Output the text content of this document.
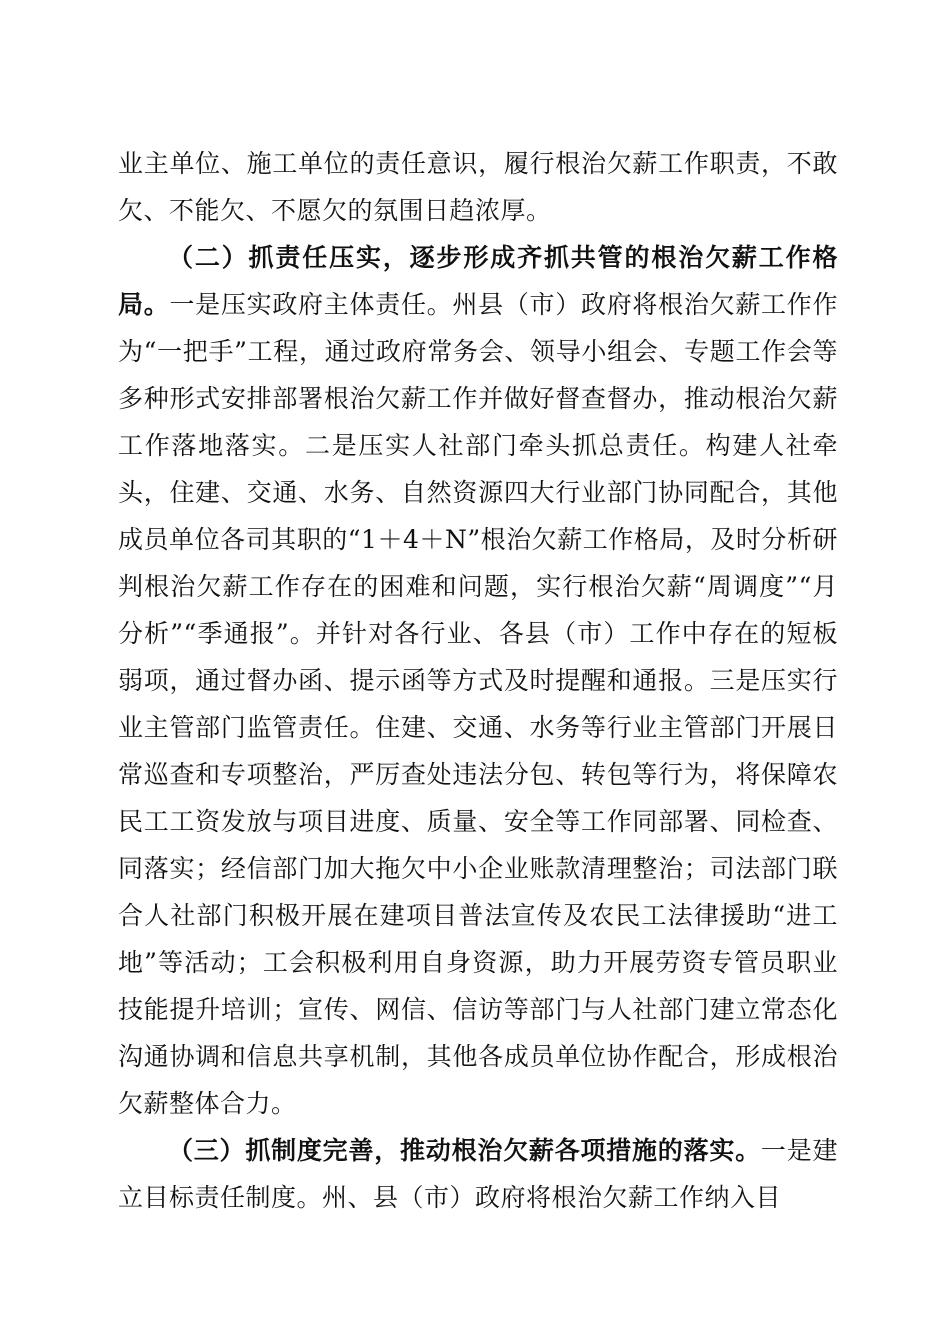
业主单位、施工单位的责任意识，履行根治欠薪工作职责，不敢欠、不能欠、不愿欠的氛围日趋浓厚。

（二）抓责任压实，逐步形成齐抓共管的根治欠薪工作格局。一是压实政府主体责任。州县（市）政府将根治欠薪工作作为“一把手”工程，通过政府常务会、领导小组会、专题工作会等多种形式安排部署根治欠薪工作并做好督查督办，推动根治欠薪工作落地落实。二是压实人社部门牵头抓总责任。构建人社牵头，住建、交通、水务、自然资源四大行业部门协同配合，其他成员单位各司其职的“1＋4＋N”根治欠薪工作格局，及时分析研判根治欠薪工作存在的困难和问题，实行根治欠薪“周调度”“月分析”“季通报”。并针对各行业、各县（市）工作中存在的短板弱项，通过督办函、提示函等方式及时提醒和通报。三是压实行业主管部门监管责任。住建、交通、水务等行业主管部门开展日常巡查和专项整治，严厉查处违法分包、转包等行为，将保障农民工工资发放与项目进度、质量、安全等工作同部署、同检查、同落实；经信部门加大拖欠中小企业账款清理整治；司法部门联合人社部门积极开展在建项目普法宣传及农民工法律援助“进工地”等活动；工会积极利用自身资源，助力开展劳资专管员职业技能提升培训；宣传、网信、信访等部门与人社部门建立常态化沟通协调和信息共享机制，其他各成员单位协作配合，形成根治欠薪整体合力。

（三）抓制度完善，推动根治欠薪各项措施的落实。一是建立目标责任制度。州、县（市）政府将根治欠薪工作纳入目
